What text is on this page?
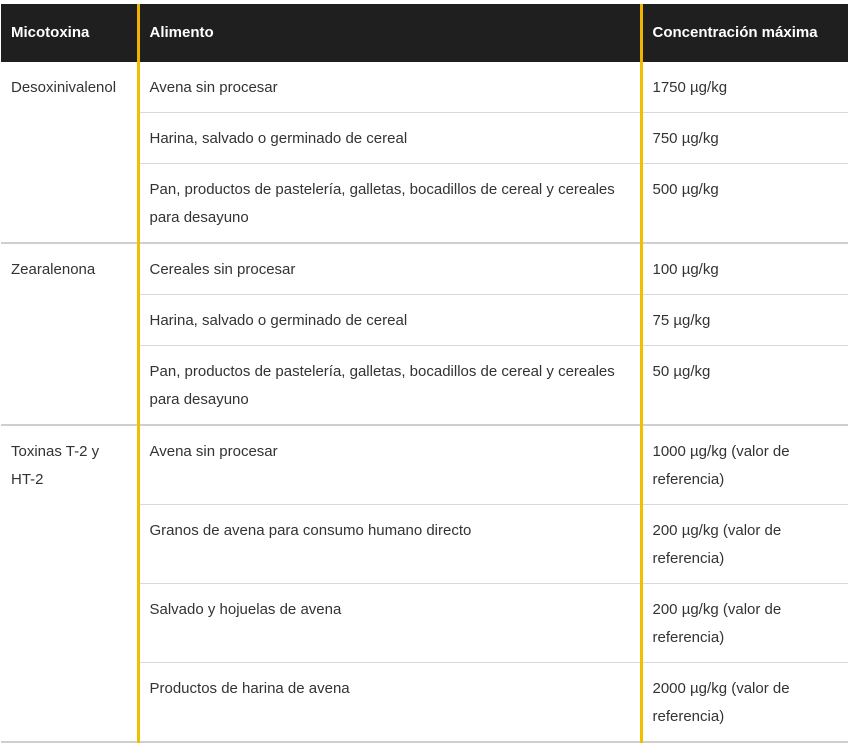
Micotoxina	Alimento	Concentración máxima
Desoxinivalenol	Avena sin procesar	1750 µg/kg
	Harina, salvado o germinado de cereal	750 µg/kg
	Pan, productos de pastelería, galletas, bocadillos de cereal y cereales para desayuno	500 µg/kg
Zearalenona	Cereales sin procesar	100 µg/kg
	Harina, salvado o germinado de cereal	75 µg/kg
	Pan, productos de pastelería, galletas, bocadillos de cereal y cereales para desayuno	50 µg/kg
Toxinas T-2 y HT-2	Avena sin procesar	1000 µg/kg (valor de referencia)
	Granos de avena para consumo humano directo	200 µg/kg (valor de referencia)
	Salvado y hojuelas de avena	200 µg/kg (valor de referencia)
	Productos de harina de avena	2000 µg/kg (valor de referencia)
